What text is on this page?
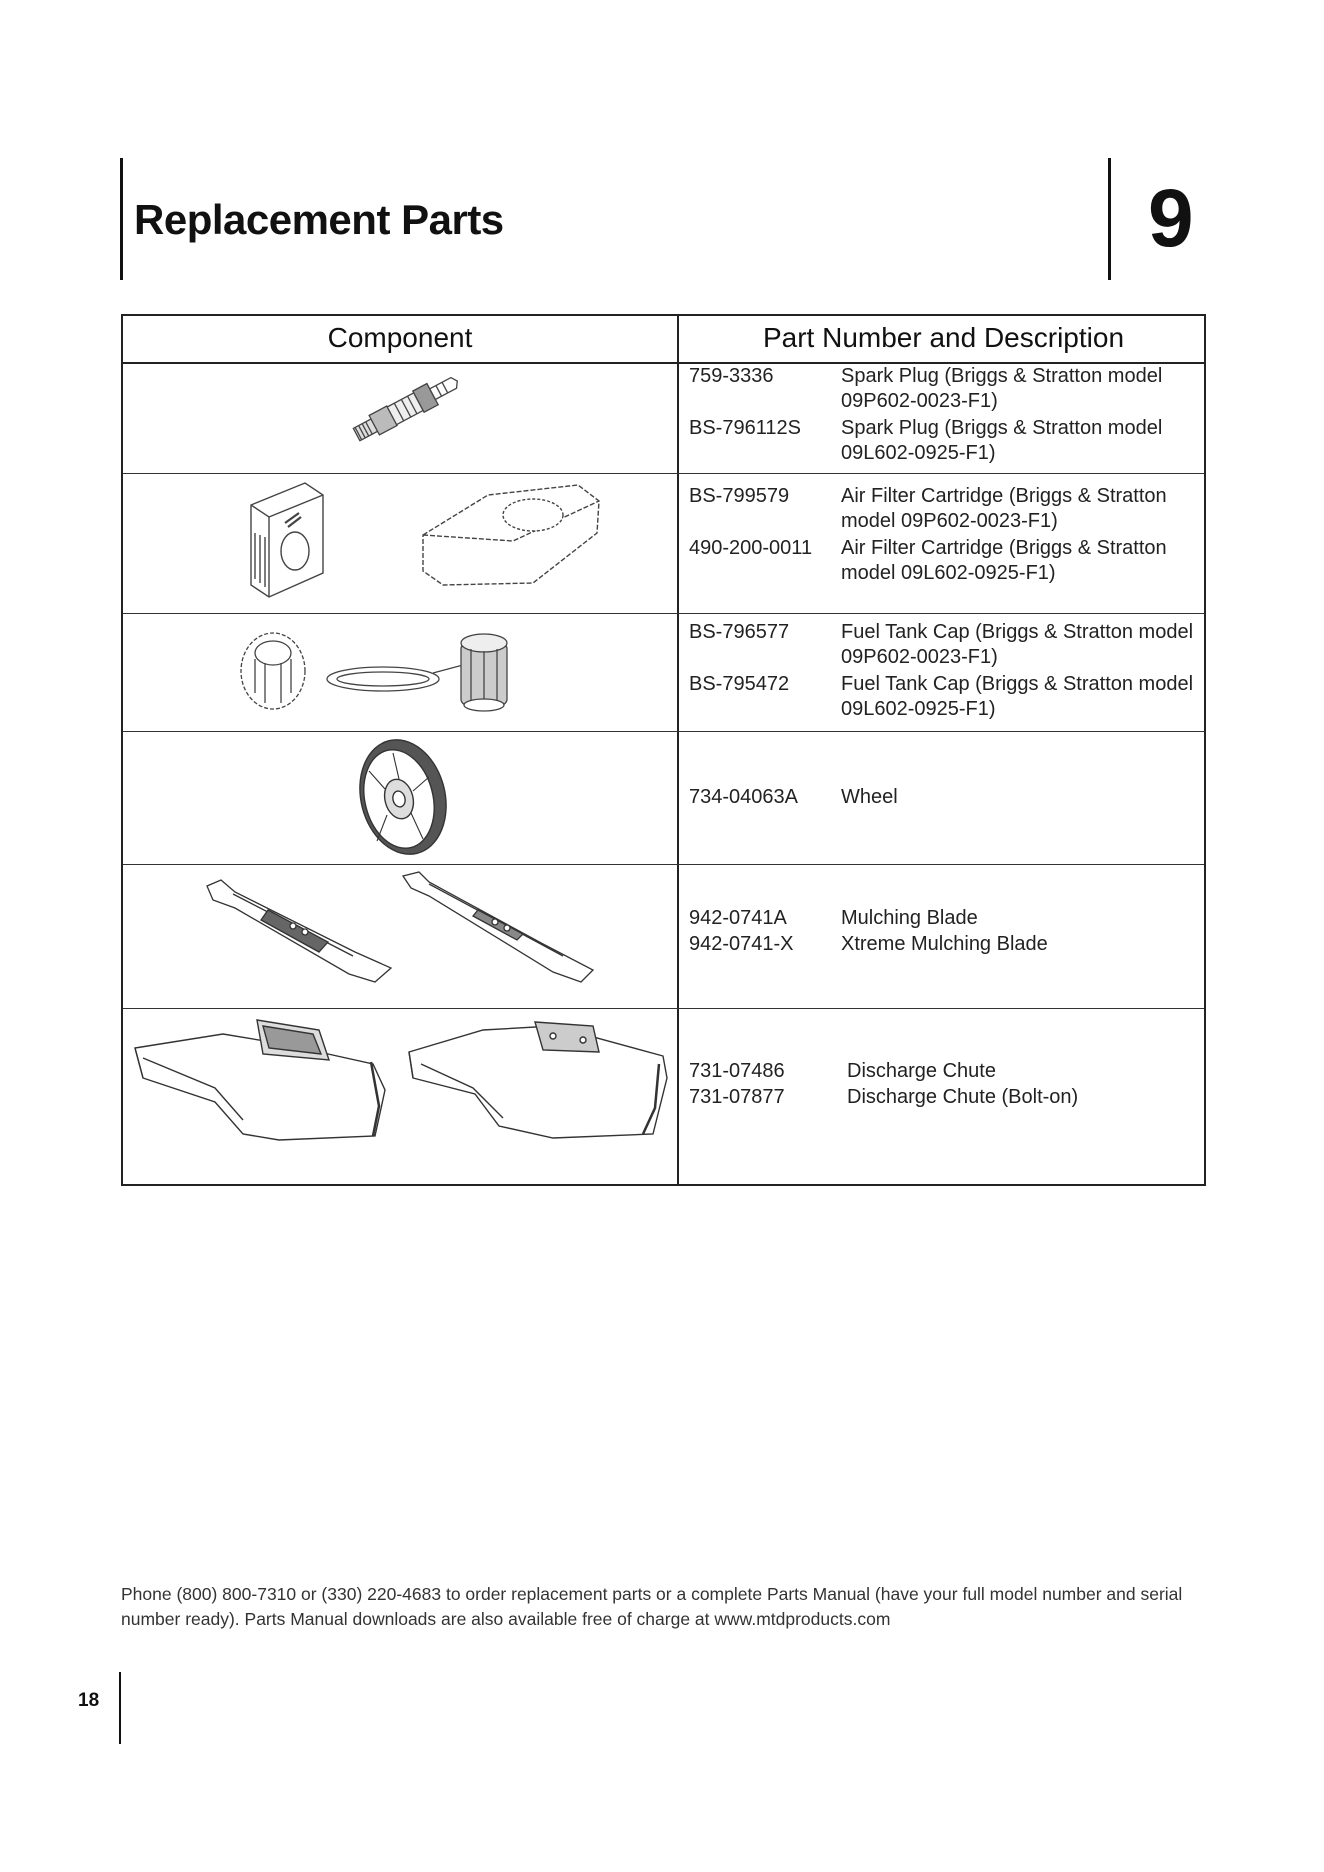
Replacement Parts	9
Component	Part Number and Description
759-3336	Spark Plug (Briggs & Stratton model 09P602-0023-F1)
BS-796112S Spark Plug (Briggs & Stratton model 09L602-0925-F1)
BS-799579	Air Filter Cartridge (Briggs & Stratton model 09P602-0023-F1)
490-200-0011 Air Filter Cartridge (Briggs & Stratton model 09L602-0925-F1)
BS-796577	Fuel Tank Cap (Briggs & Stratton model 09P602-0023-F1)
BS-795472	Fuel Tank Cap (Briggs & Stratton model 09L602-0925-F1)
734-04063A Wheel
942-0741A	Mulching Blade
942-0741-X Xtreme Mulching Blade
731-07486	Discharge Chute
731-07877	Discharge Chute (Bolt-on)
Phone (800) 800-7310 or (330) 220-4683 to order replacement parts or a complete Parts Manual (have your full model number and serial number ready). Parts Manual downloads are also available free of charge at www.mtdproducts.com
18
